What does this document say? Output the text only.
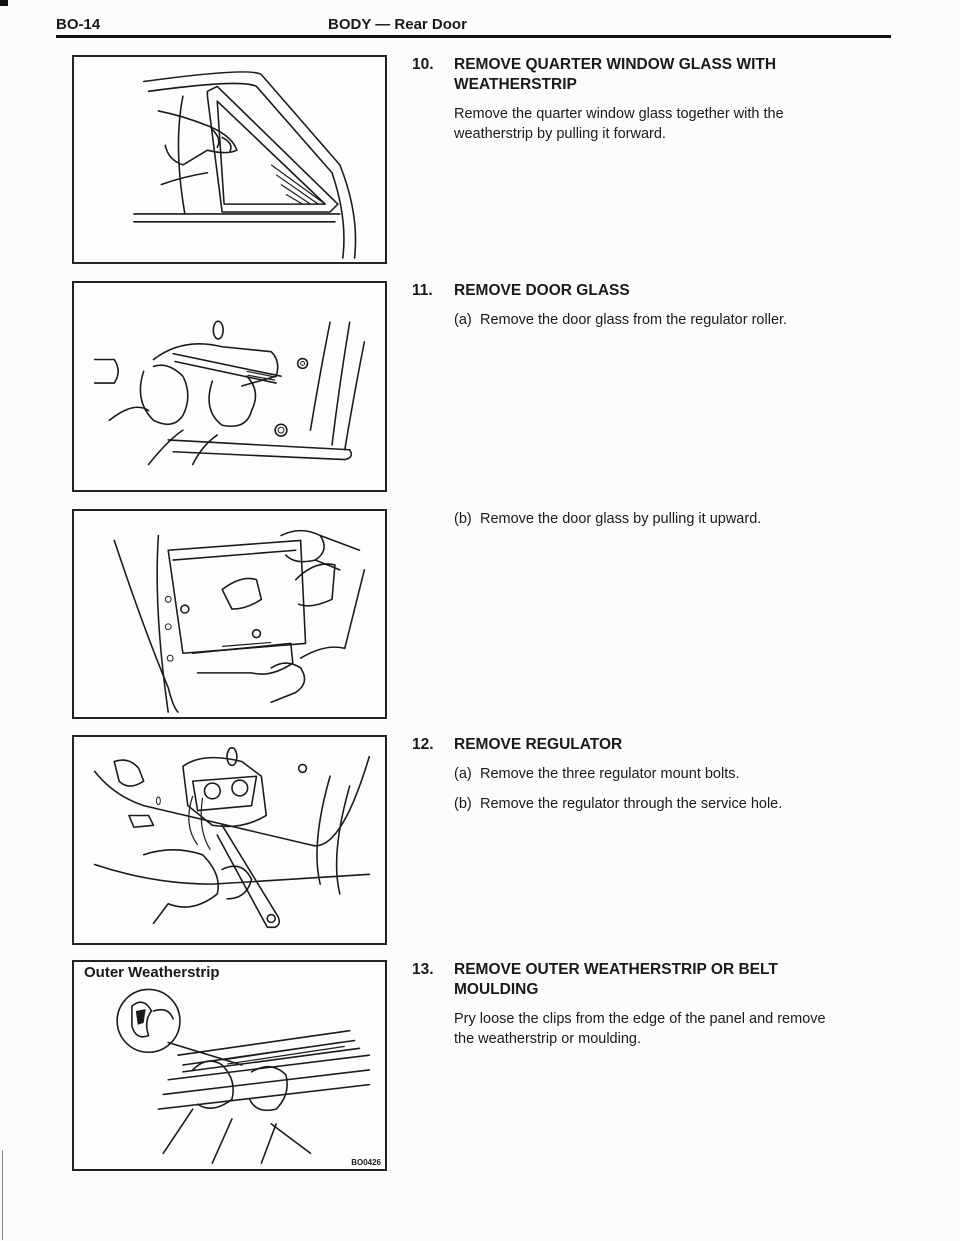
BO-14	BODY — Rear Door
Outer Weatherstrip
BO0426
10. REMOVE QUARTER WINDOW GLASS WITH
WEATHERSTRIP
Remove the quarter window glass together with the
weatherstrip by pulling it forward.
11. REMOVE DOOR GLASS
(a) Remove the door glass from the regulator roller.
(b) Remove the door glass by pulling it upward.
12. REMOVE REGULATOR
(a) Remove the three regulator mount bolts.
(b) Remove the regulator through the service hole.
13. REMOVE OUTER WEATHERSTRIP OR BELT
MOULDING
Pry loose the clips from the edge of the panel and remove
the weatherstrip or moulding.
